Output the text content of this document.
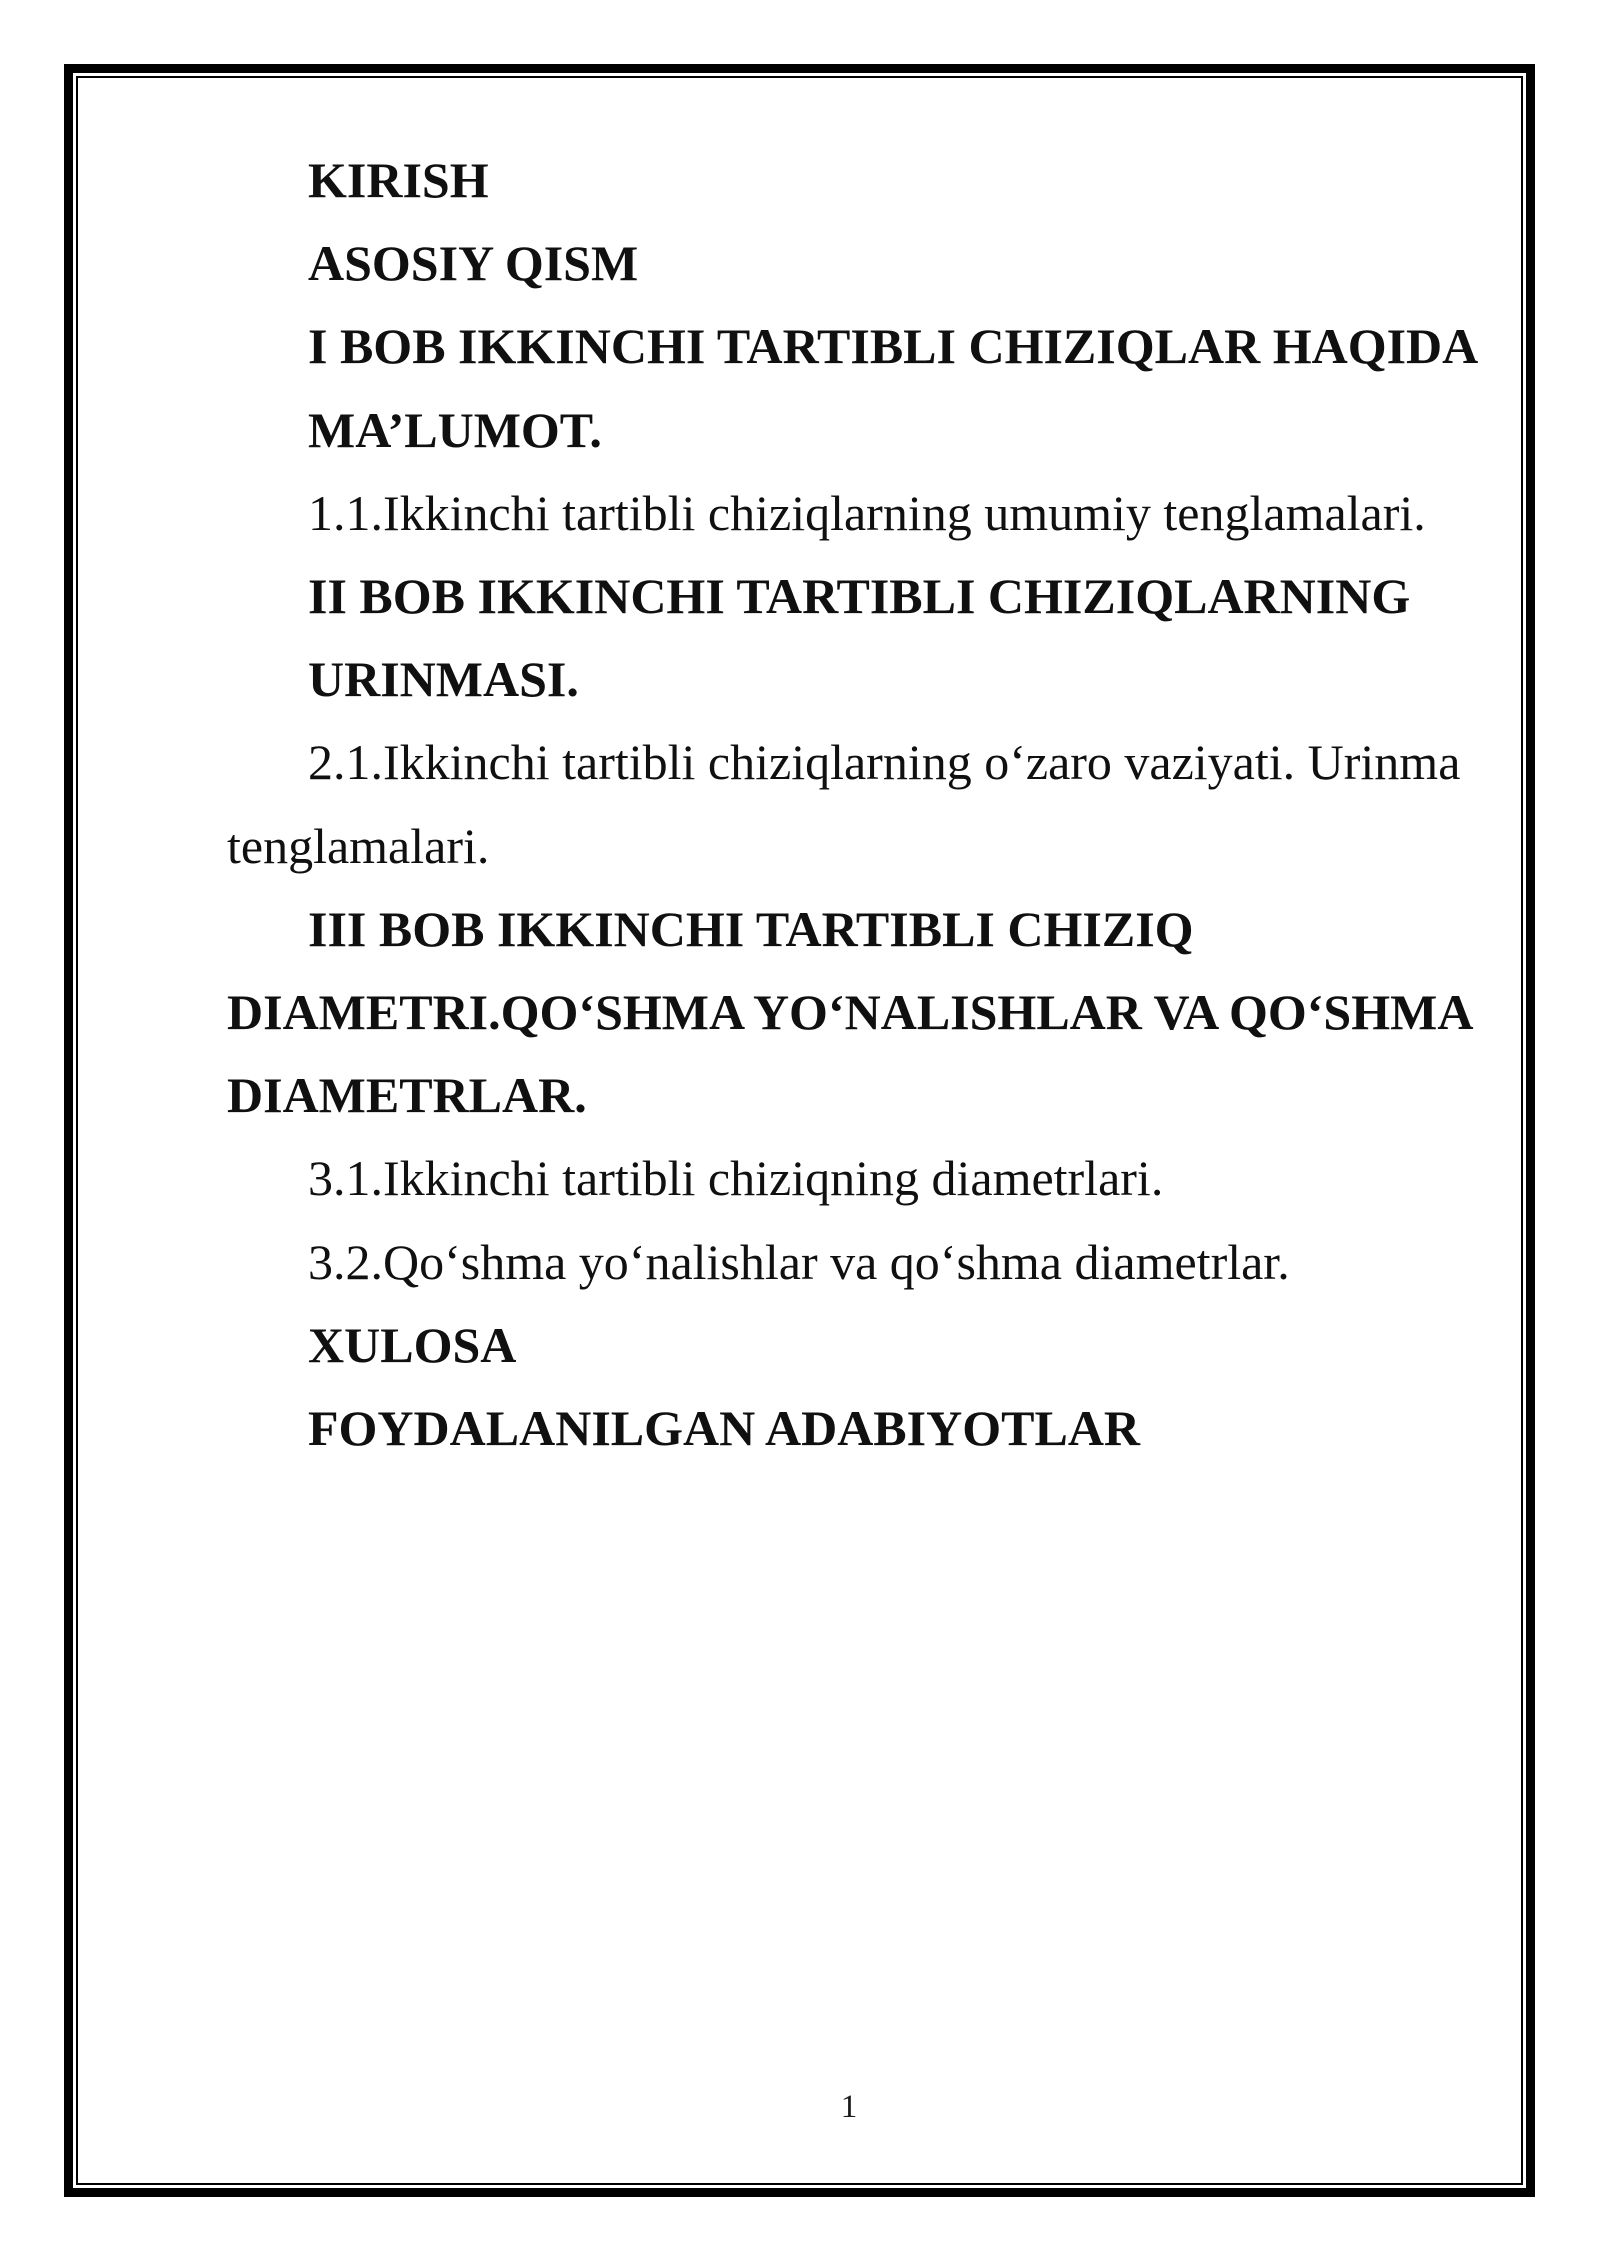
KIRISH
ASOSIY QISM
I BOB IKKINCHI TARTIBLI CHIZIQLAR HAQIDA
MA’LUMOT.
1.1.Ikkinchi tartibli chiziqlarning umumiy tenglamalari.
II BOB IKKINCHI TARTIBLI CHIZIQLARNING
URINMASI.
2.1.Ikkinchi tartibli chiziqlarning oʻzaro vaziyati. Urinma
tenglamalari.
III BOB IKKINCHI TARTIBLI CHIZIQ
DIAMETRI.QOʻSHMA YOʻNALISHLAR VA QOʻSHMA
DIAMETRLAR.
3.1.Ikkinchi tartibli chiziqning diametrlari.
3.2.Qoʻshma yoʻnalishlar va qoʻshma diametrlar.
XULOSA
FOYDALANILGAN ADABIYOTLAR
1
